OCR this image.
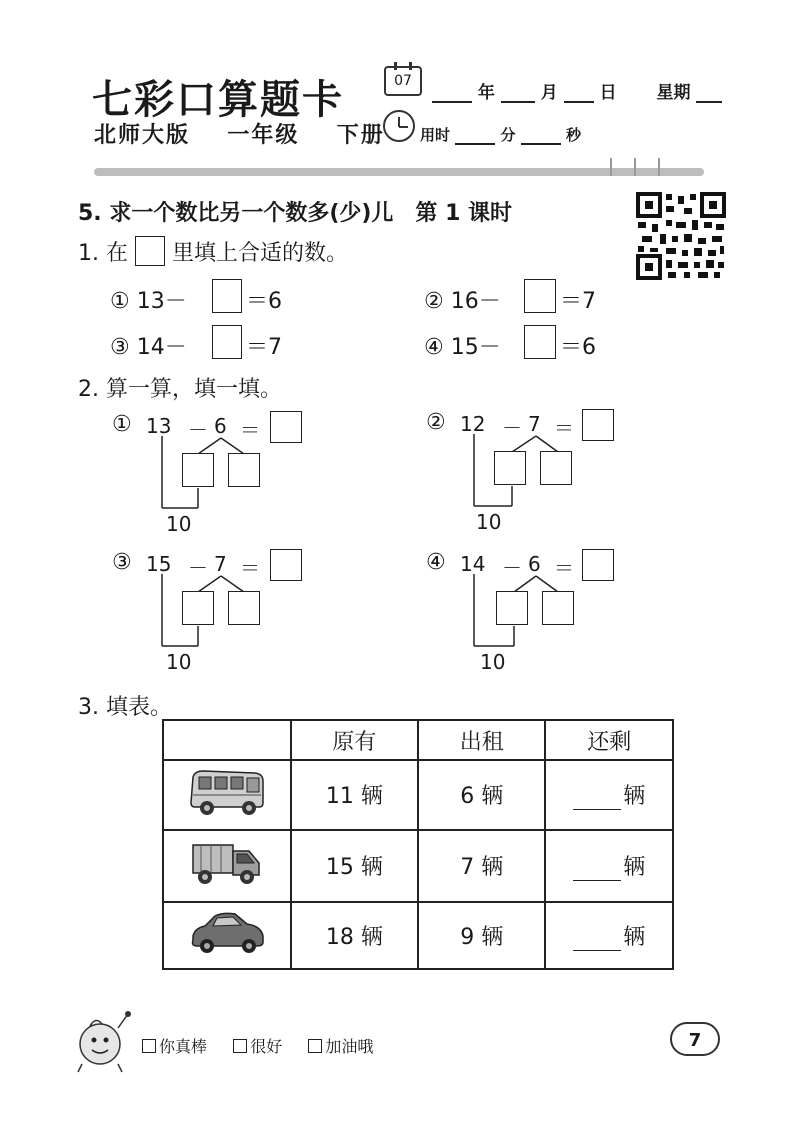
七彩口算题卡	07
年	月 日 星期
北师大版 一年级 下册 用时	分	秒
5. 求一个数比另一个数多(少)儿　第 1 课时
1. 在 里填上合适的数。
① 13－	＝6	② 16－	＝7
③ 14－	＝7	④ 15－	＝6
2. 算一算，填一填。
① 13 － 6 ＝
10
② 12 － 7 ＝
10
③ 15 － 7 ＝
10
④ 14 － 6 ＝
10
3. 填表。
	原有	出租	还剩
	11 辆	6 辆	辆
	15 辆	7 辆	辆
	18 辆	9 辆	辆
你真棒	很好	加油哦	7
